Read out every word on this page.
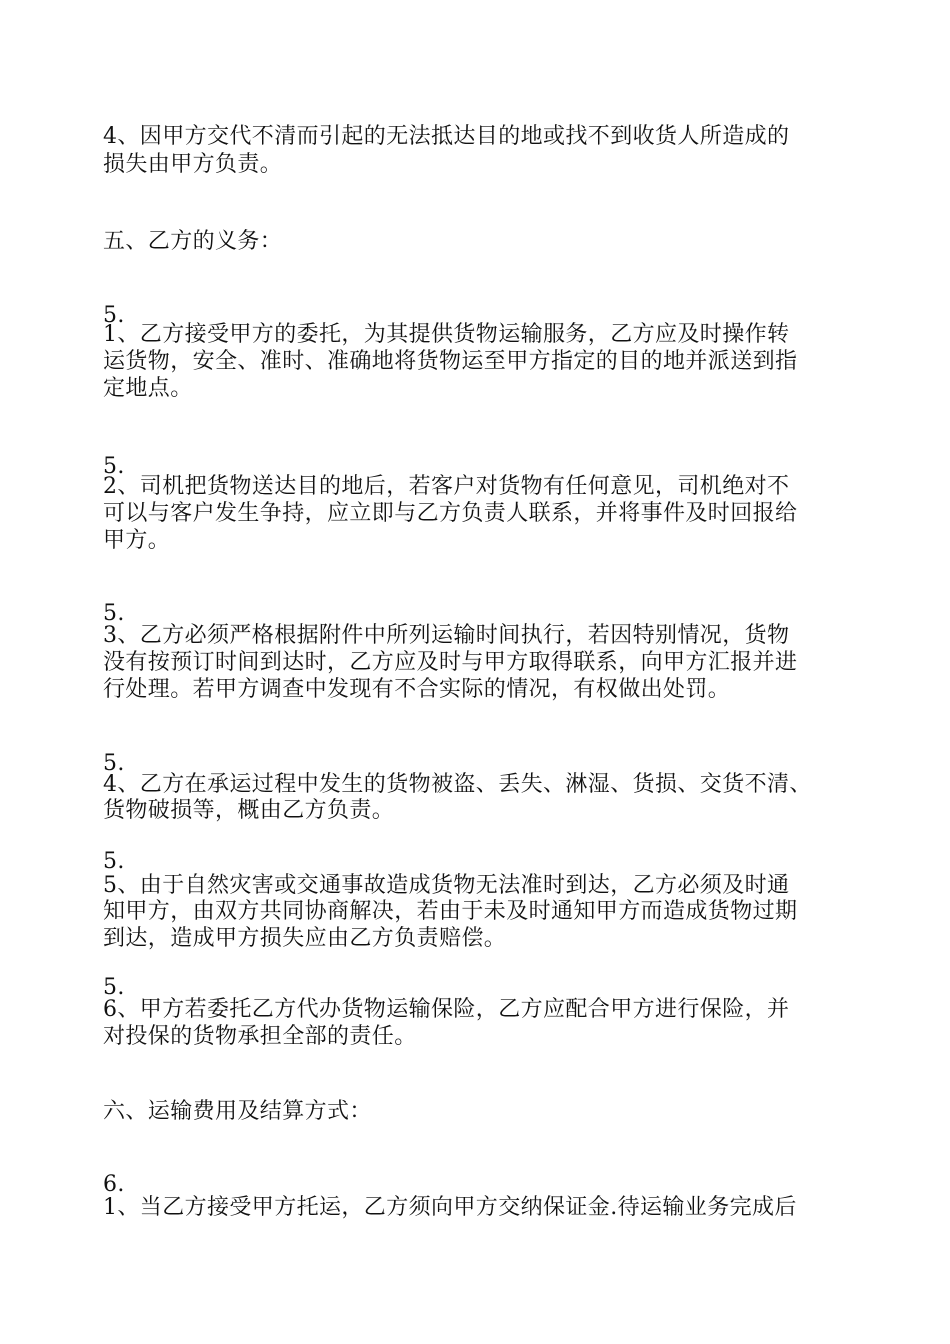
4、因甲方交代不清而引起的无法抵达目的地或找不到收货人所造成的
损失由甲方负责。
五、乙方的义务：
5.
1、乙方接受甲方的委托，为其提供货物运输服务，乙方应及时操作转
运货物，安全、准时、准确地将货物运至甲方指定的目的地并派送到指
定地点。
5.
2、司机把货物送达目的地后，若客户对货物有任何意见，司机绝对不
可以与客户发生争持，应立即与乙方负责人联系，并将事件及时回报给
甲方。
5.
3、乙方必须严格根据附件中所列运输时间执行，若因特别情况，货物
没有按预订时间到达时，乙方应及时与甲方取得联系，向甲方汇报并进
行处理。若甲方调查中发现有不合实际的情况，有权做出处罚。
5.
4、乙方在承运过程中发生的货物被盗、丢失、淋湿、货损、交货不清、
货物破损等，概由乙方负责。
5.
5、由于自然灾害或交通事故造成货物无法准时到达，乙方必须及时通
知甲方，由双方共同协商解决，若由于未及时通知甲方而造成货物过期
到达，造成甲方损失应由乙方负责赔偿。
5.
6、甲方若委托乙方代办货物运输保险，乙方应配合甲方进行保险，并
对投保的货物承担全部的责任。
六、运输费用及结算方式：
6.
1、当乙方接受甲方托运，乙方须向甲方交纳保证金.待运输业务完成后
